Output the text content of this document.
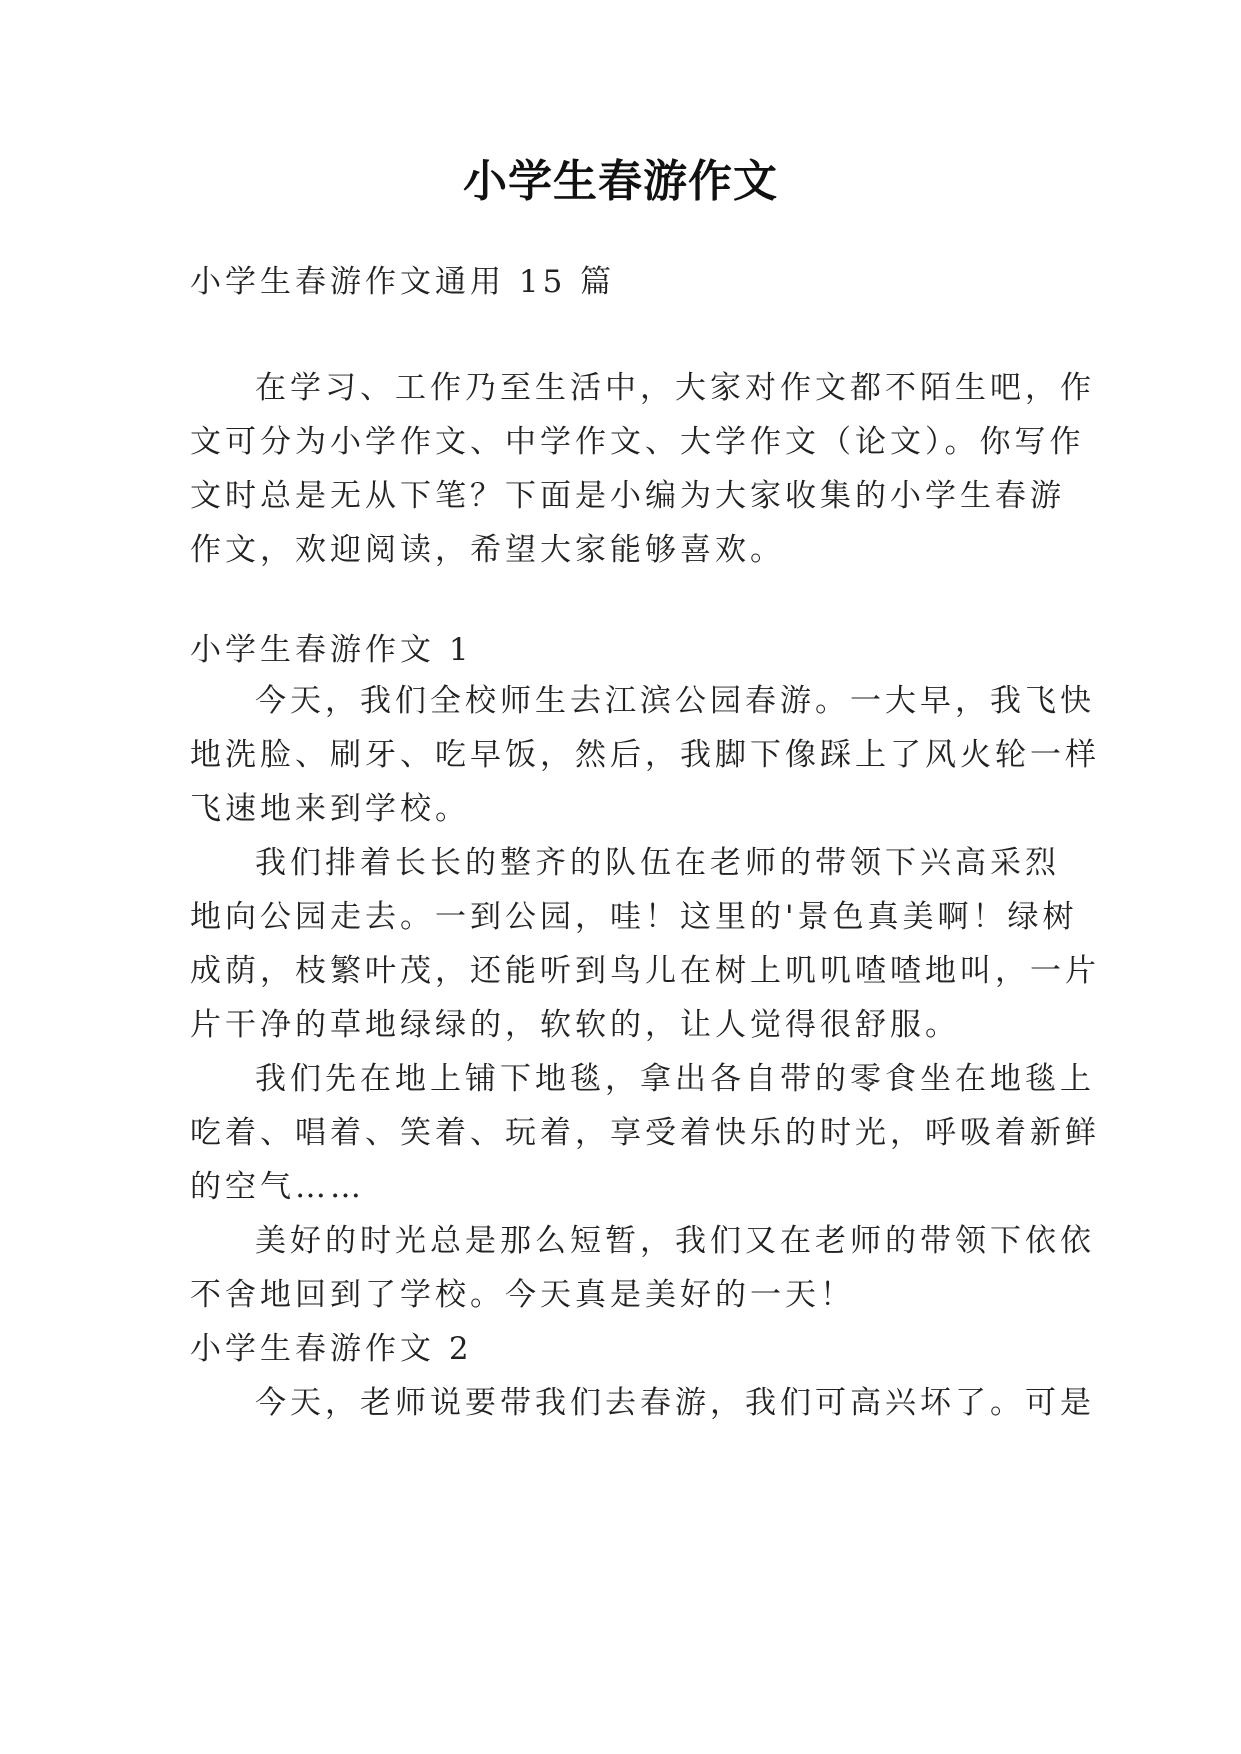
小学生春游作文
小学生春游作文通用 15 篇
在学习、工作乃至生活中，大家对作文都不陌生吧，作
文可分为小学作文、中学作文、大学作文（论文）。你写作
文时总是无从下笔？下面是小编为大家收集的小学生春游
作文，欢迎阅读，希望大家能够喜欢。
小学生春游作文 1
今天，我们全校师生去江滨公园春游。一大早，我飞快
地洗脸、刷牙、吃早饭，然后，我脚下像踩上了风火轮一样
飞速地来到学校。
我们排着长长的整齐的队伍在老师的带领下兴高采烈
地向公园走去。一到公园，哇！这里的'景色真美啊！绿树
成荫，枝繁叶茂，还能听到鸟儿在树上叽叽喳喳地叫，一片
片干净的草地绿绿的，软软的，让人觉得很舒服。
我们先在地上铺下地毯，拿出各自带的零食坐在地毯上
吃着、唱着、笑着、玩着，享受着快乐的时光，呼吸着新鲜
的空气……
美好的时光总是那么短暂，我们又在老师的带领下依依
不舍地回到了学校。今天真是美好的一天！
小学生春游作文 2
今天，老师说要带我们去春游，我们可高兴坏了。可是
